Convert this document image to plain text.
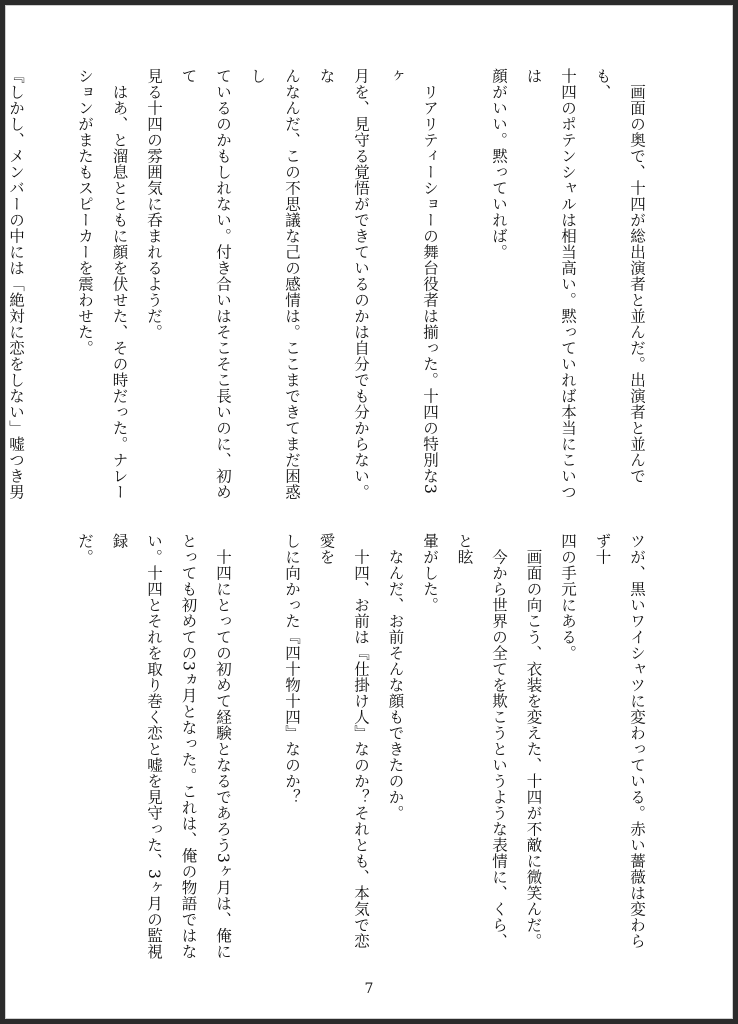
　画面の奥で、十四が総出演者と並んだ。出演者と並んでも、

十四のポテンシャルは相当高い。黙っていれば本当にこいつは

顔がいい。黙っていれば。

　リアリティーショーの舞台役者は揃った。十四の特別な3ヶ

月を、見守る覚悟ができているのかは自分でも分からない。な

んなんだ、この不思議な己の感情は。ここまできてまだ困惑し

ているのかもしれない。付き合いはそこそこ長いのに、初めて

見る十四の雰囲気に呑まれるようだ。

　はあ、と溜息とともに顔を伏せた、その時だった。ナレー

ションがまたもスピーカーを震わせた。

『しかし、メンバーの中には「絶対に恋をしない」嘘つき男

ツが、黒いワイシャツに変わっている。赤い薔薇は変わらず十

四の手元にある。

　画面の向こう、衣装を変えた、十四が不敵に微笑んだ。

　今から世界の全てを欺こうというような表情に、くら、と眩

暈がした。

　なんだ、お前そんな顔もできたのか。

　十四、お前は『仕掛け人』なのか？それとも、本気で恋愛を

しに向かった『四十物十四』なのか？

　十四にとっての初めて経験となるであろう3ヶ月は、俺に

とっても初めての3ヵ月となった。これは、俺の物語ではな

い。十四とそれを取り巻く恋と嘘を見守った、3ヶ月の監視録

だ。

7
